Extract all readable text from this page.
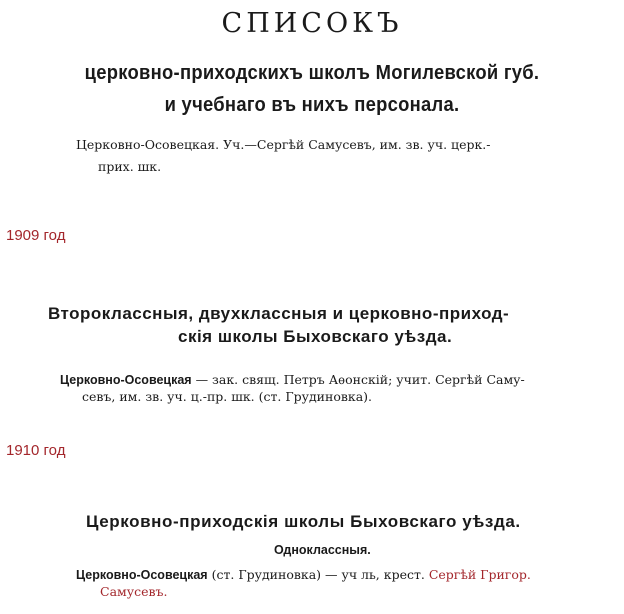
СПИСОКЪ
церковно-приходскихъ школъ Могилевской губ.
и учебнаго въ нихъ персонала.
Церковно-Осовецкая. Уч.—Сергѣй Самусевъ, им. зв. уч. церк.-
прих. шк.
1909 год
Второклассныя, двухклассныя и церковно-приход-
скія школы Быховскаго уѣзда.
Церковно-Осовецкая — зак. свящ. Петръ Аѳонскій; учит. Сергѣй Саму-
севъ, им. зв. уч. ц.-пр. шк. (ст. Грудиновка).
1910 год
Церковно-приходскія школы Быховскаго уѣзда.
Одноклассныя.
Церковно-Осовецкая (ст. Грудиновка) — уч ль, крест. Сергѣй Григор.
Самусевъ.
